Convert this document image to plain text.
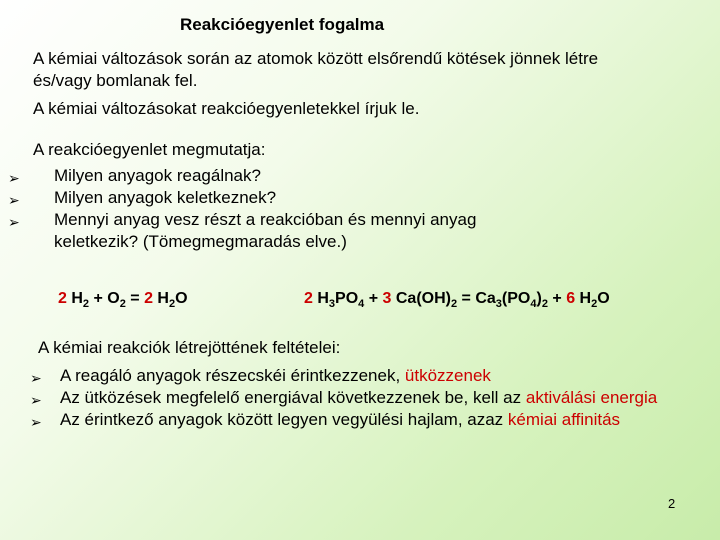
Reakcióegyenlet fogalma
A kémiai változások során az atomok között elsőrendű kötések jönnek létre
és/vagy bomlanak fel.
A kémiai változásokat reakcióegyenletekkel írjuk le.
A reakcióegyenlet megmutatja:
➢ Milyen anyagok reagálnak?
➢ Milyen anyagok keletkeznek?
➢ Mennyi anyag vesz részt a reakcióban és mennyi anyag
keletkezik? (Tömegmegmaradás elve.)
2 $H_2 + O_2 = 2$ $H_2O$	2 $H_3PO_4 + 3$ $Ca(OH)_2 = Ca_3(PO_4)_2 + 6$ $H_2O$
A kémiai reakciók létrejöttének feltételei:
➢ A reagáló anyagok részecskéi érintkezzenek, ütközzenek
➢ Az ütközések megfelelő energiával következzenek be, kell az aktiválási energia
➢ Az érintkező anyagok között legyen vegyülési hajlam, azaz kémiai affinitás
2
